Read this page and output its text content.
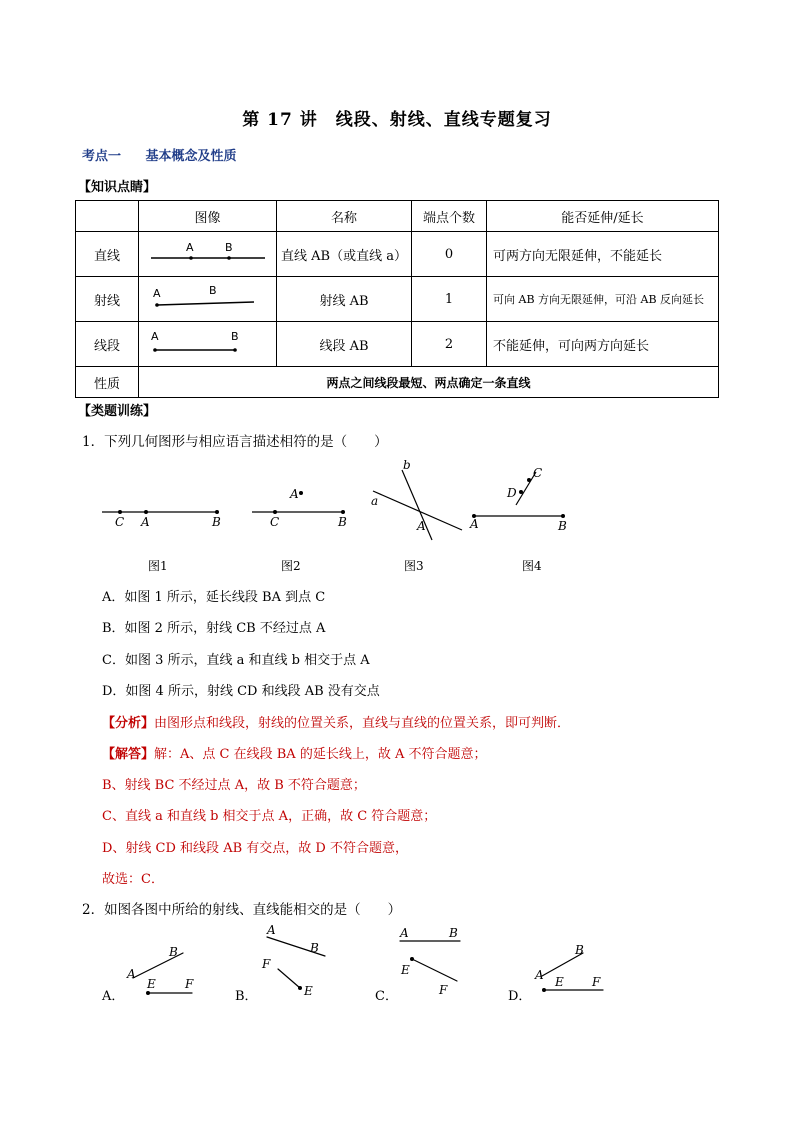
第 17 讲　线段、射线、直线专题复习
考点一 基本概念及性质
【知识点睛】
	图像	名称	端点个数	能否延伸/延长
直线	A B	直线 AB（或直线 a）	0	可两方向无限延伸，不能延长
射线	A B	射线 AB	1	可向 AB 方向无限延伸，可沿 AB 反向延长
线段	A B	线段 AB	2	不能延伸，可向两方向延长
性质	两点之间线段最短、两点确定一条直线			
【类题训练】
1．下列几何图形与相应语言描述相符的是（　　）
C A	B
A
C	B
a
b
A
D
C
A	B
图1	图2	图3	图4
A．如图 1 所示，延长线段 BA 到点 C
B．如图 2 所示，射线 CB 不经过点 A
C．如图 3 所示，直线 a 和直线 b 相交于点 A
D．如图 4 所示，射线 CD 和线段 AB 没有交点
【分析】由图形点和线段，射线的位置关系，直线与直线的位置关系，即可判断．
【解答】解：A、点 C 在线段 BA 的延长线上，故 A 不符合题意；
B、射线 BC 不经过点 A，故 B 不符合题意；
C、直线 a 和直线 b 相交于点 A，正确，故 C 符合题意；
D、射线 CD 和线段 AB 有交点，故 D 不符合题意，
故选：C．
2．如图各图中所给的射线、直线能相交的是（　　）
A
B
E F
A
B
F
E
A	B
E
F
A
B
E F
A．	B．	C．	D．
